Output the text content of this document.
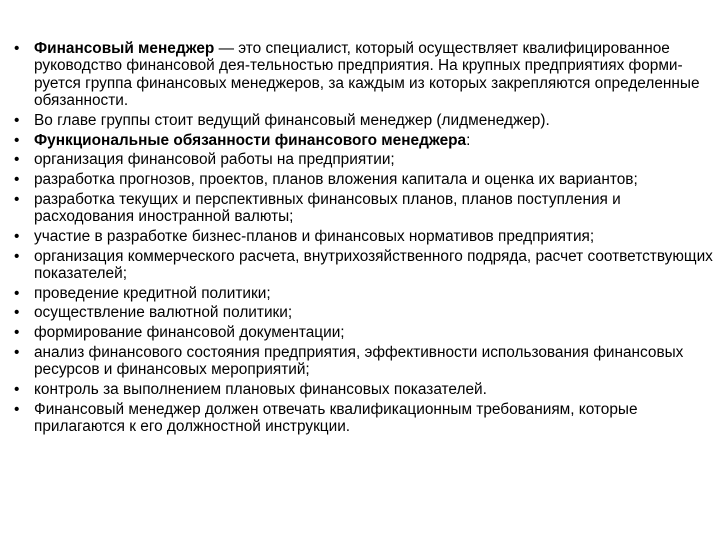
• Финансовый менеджер — это специалист, который осуществляет квалифицированное руководство финансовой дея-тельностью предприятия. На крупных предприятиях форми-руется группа финансовых менеджеров, за каждым из которых закрепляются определенные обязанности.
• Во главе группы стоит ведущий финансовый менеджер (лидменеджер).
• Функциональные обязанности финансового менеджера:
• организация финансовой работы на предприятии;
• разработка прогнозов, проектов, планов вложения капитала и оценка их вариантов;
• разработка текущих и перспективных финансовых планов, планов поступления и расходования иностранной валюты;
• участие в разработке бизнес-планов и финансовых нормативов предприятия;
• организация коммерческого расчета, внутрихозяйственного подряда, расчет соответствующих показателей;
• проведение кредитной политики;
• осуществление валютной политики;
• формирование финансовой документации;
• анализ финансового состояния предприятия, эффективности использования финансовых ресурсов и финансовых мероприятий;
• контроль за выполнением плановых финансовых показателей.
• Финансовый менеджер должен отвечать квалификационным требованиям, которые прилагаются к его должностной инструкции.
